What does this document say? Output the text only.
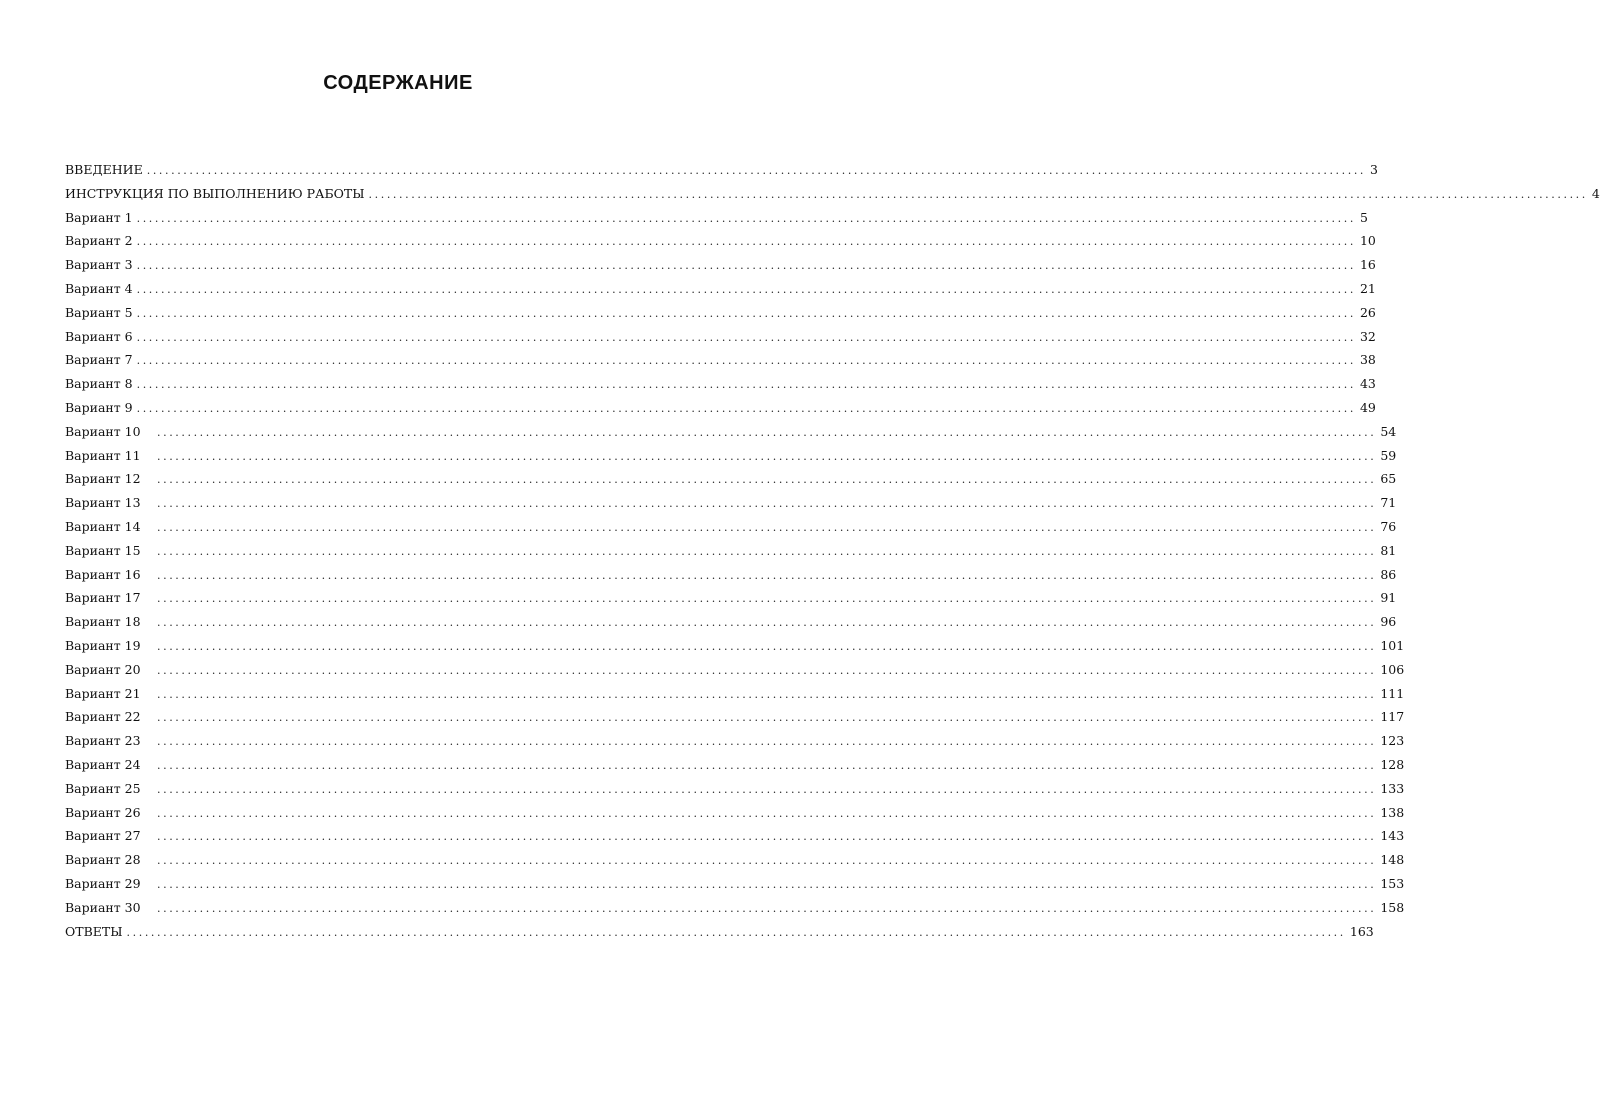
СОДЕРЖАНИЕ
ВВЕДЕНИЕ ........................................................................................................................................................................................................ 3
ИНСТРУКЦИЯ ПО ВЫПОЛНЕНИЮ РАБОТЫ ........................................................................................................................................................................................................ 4
Вариант 1 ........................................................................................................................................................................................................ 5
Вариант 2 ........................................................................................................................................................................................................ 10
Вариант 3 ........................................................................................................................................................................................................ 16
Вариант 4 ........................................................................................................................................................................................................ 21
Вариант 5 ........................................................................................................................................................................................................ 26
Вариант 6 ........................................................................................................................................................................................................ 32
Вариант 7 ........................................................................................................................................................................................................ 38
Вариант 8 ........................................................................................................................................................................................................ 43
Вариант 9 ........................................................................................................................................................................................................ 49
Вариант 10	........................................................................................................................................................................................................ 54
Вариант 11	........................................................................................................................................................................................................ 59
Вариант 12	........................................................................................................................................................................................................ 65
Вариант 13	........................................................................................................................................................................................................ 71
Вариант 14	........................................................................................................................................................................................................ 76
Вариант 15	........................................................................................................................................................................................................ 81
Вариант 16	........................................................................................................................................................................................................ 86
Вариант 17	........................................................................................................................................................................................................ 91
Вариант 18	........................................................................................................................................................................................................ 96
Вариант 19	........................................................................................................................................................................................................ 101
Вариант 20	........................................................................................................................................................................................................ 106
Вариант 21	........................................................................................................................................................................................................ 111
Вариант 22	........................................................................................................................................................................................................ 117
Вариант 23	........................................................................................................................................................................................................ 123
Вариант 24	........................................................................................................................................................................................................ 128
Вариант 25	........................................................................................................................................................................................................ 133
Вариант 26	........................................................................................................................................................................................................ 138
Вариант 27	........................................................................................................................................................................................................ 143
Вариант 28	........................................................................................................................................................................................................ 148
Вариант 29	........................................................................................................................................................................................................ 153
Вариант 30	........................................................................................................................................................................................................ 158
ОТВЕТЫ ........................................................................................................................................................................................................ 163
